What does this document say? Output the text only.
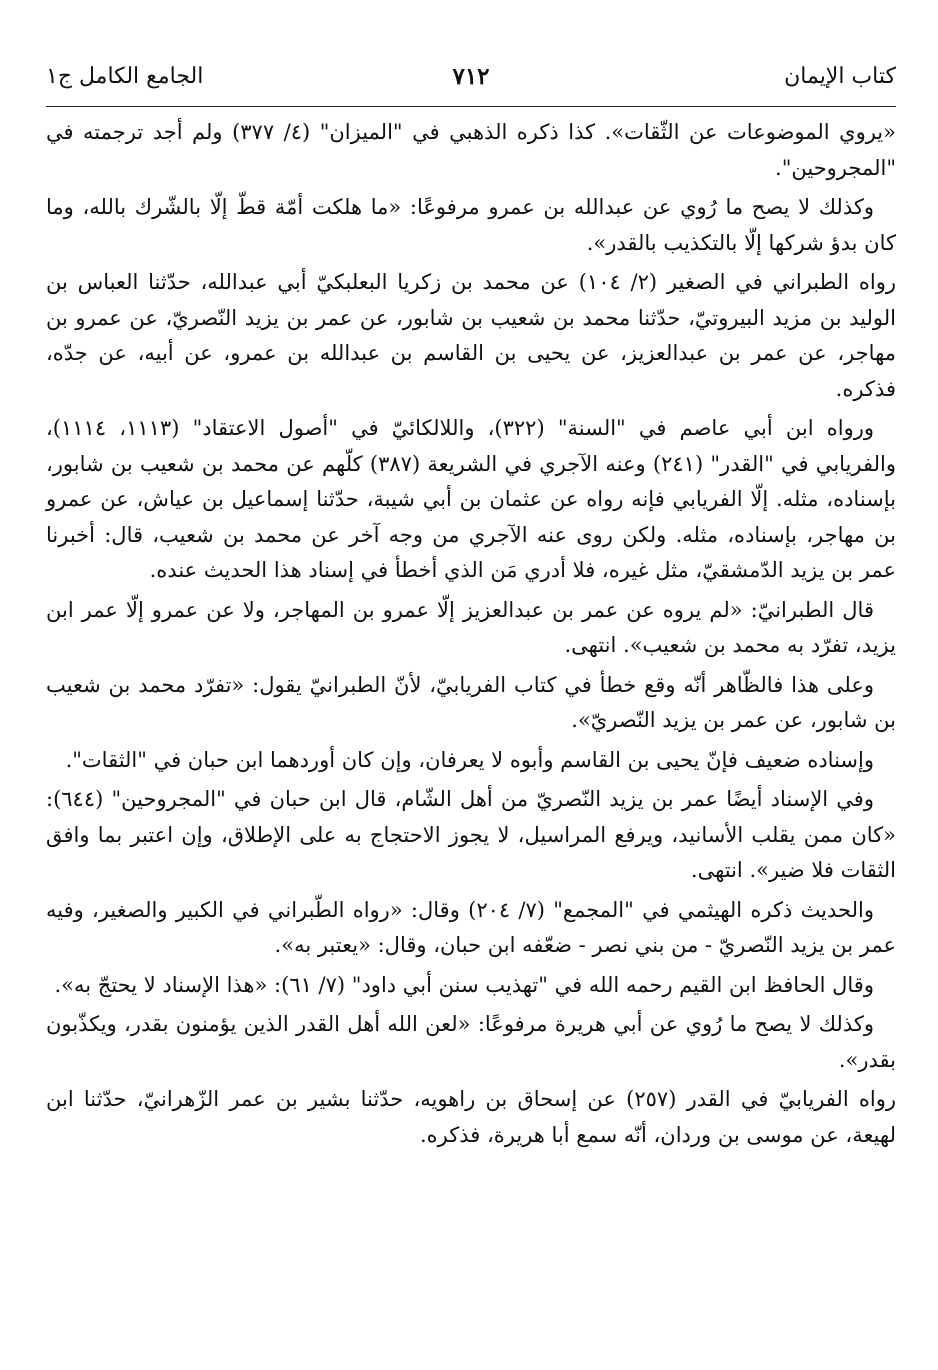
كتاب الإيمان
٧١٢
الجامع الكامل ج١

«يروي الموضوعات عن الثّقات». كذا ذكره الذهبي في "الميزان" (٤/ ٣٧٧) ولم أجد ترجمته في "المجروحين".

وكذلك لا يصح ما رُوي عن عبدالله بن عمرو مرفوعًا: «ما هلكت أمّة قطّ إلّا بالشّرك بالله، وما كان بدؤ شركها إلّا بالتكذيب بالقدر».

رواه الطبراني في الصغير (٢/ ١٠٤) عن محمد بن زكريا البعلبكيّ أبي عبدالله، حدّثنا العباس بن الوليد بن مزيد البيروتيّ، حدّثنا محمد بن شعيب بن شابور، عن عمر بن يزيد النّصريّ، عن عمرو بن مهاجر، عن عمر بن عبدالعزيز، عن يحيى بن القاسم بن عبدالله بن عمرو، عن أبيه، عن جدّه، فذكره.

ورواه ابن أبي عاصم في "السنة" (٣٢٢)، واللالكائيّ في "أصول الاعتقاد" (١١١٣، ١١١٤)، والفريابي في "القدر" (٢٤١) وعنه الآجري في الشريعة (٣٨٧) كلّهم عن محمد بن شعيب بن شابور، بإسناده، مثله. إلّا الفريابي فإنه رواه عن عثمان بن أبي شيبة، حدّثنا إسماعيل بن عياش، عن عمرو بن مهاجر، بإسناده، مثله. ولكن روى عنه الآجري من وجه آخر عن محمد بن شعيب، قال: أخبرنا عمر بن يزيد الدّمشقيّ، مثل غيره، فلا أدري مَن الذي أخطأ في إسناد هذا الحديث عنده.

قال الطبرانيّ: «لم يروه عن عمر بن عبدالعزيز إلّا عمرو بن المهاجر، ولا عن عمرو إلّا عمر ابن يزيد، تفرّد به محمد بن شعيب». انتهى.

وعلى هذا فالظّاهر أنّه وقع خطأ في كتاب الفريابيّ، لأنّ الطبرانيّ يقول: «تفرّد محمد بن شعيب بن شابور، عن عمر بن يزيد النّصريّ».

وإسناده ضعيف فإنّ يحيى بن القاسم وأبوه لا يعرفان، وإن كان أوردهما ابن حبان في "الثقات".

وفي الإسناد أيضًا عمر بن يزيد النّصريّ من أهل الشّام، قال ابن حبان في "المجروحين" (٦٤٤): «كان ممن يقلب الأسانيد، ويرفع المراسيل، لا يجوز الاحتجاج به على الإطلاق، وإن اعتبر بما وافق الثقات فلا ضير». انتهى.

والحديث ذكره الهيثمي في "المجمع" (٧/ ٢٠٤) وقال: «رواه الطّبراني في الكبير والصغير، وفيه عمر بن يزيد النّصريّ - من بني نصر - ضعّفه ابن حبان، وقال: «يعتبر به».

وقال الحافظ ابن القيم رحمه الله في "تهذيب سنن أبي داود" (٧/ ٦١): «هذا الإسناد لا يحتجّ به».

وكذلك لا يصح ما رُوي عن أبي هريرة مرفوعًا: «لعن الله أهل القدر الذين يؤمنون بقدر، ويكذّبون بقدر».

رواه الفريابيّ في القدر (٢٥٧) عن إسحاق بن راهويه، حدّثنا بشير بن عمر الزّهرانيّ، حدّثنا ابن لهيعة، عن موسى بن وردان، أنّه سمع أبا هريرة، فذكره.
